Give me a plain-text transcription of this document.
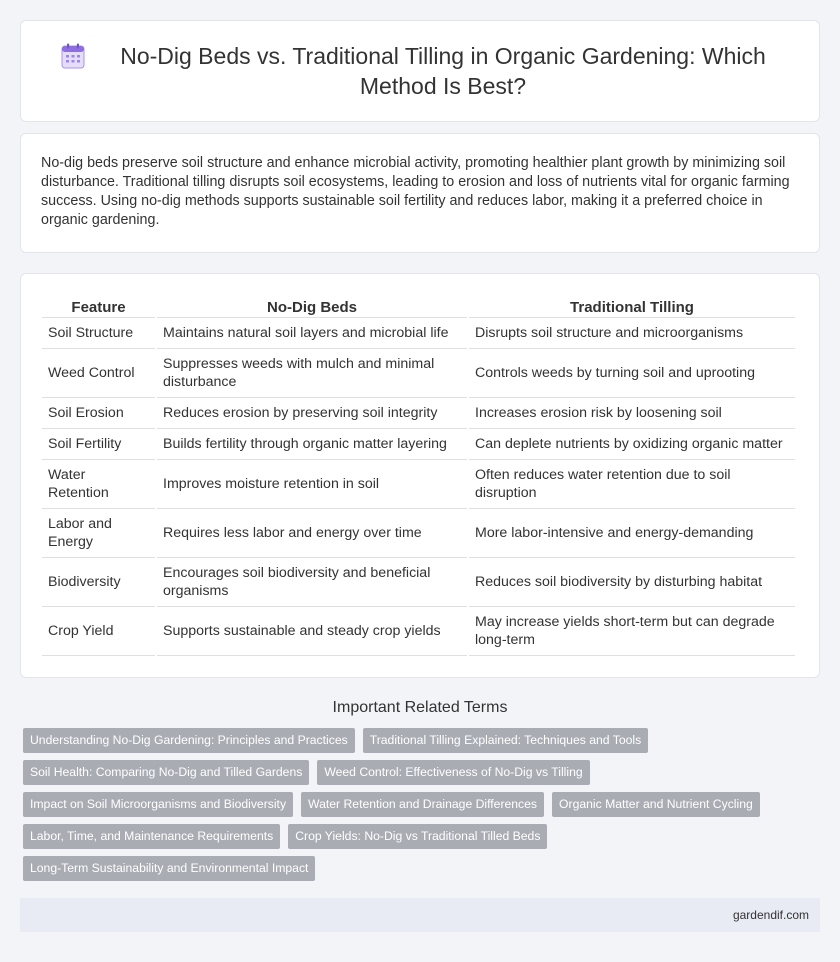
No-Dig Beds vs. Traditional Tilling in Organic Gardening: Which Method Is Best?

No-dig beds preserve soil structure and enhance microbial activity, promoting healthier plant growth by minimizing soil disturbance. Traditional tilling disrupts soil ecosystems, leading to erosion and loss of nutrients vital for organic farming success. Using no-dig methods supports sustainable soil fertility and reduces labor, making it a preferred choice in organic gardening.

Feature	No-Dig Beds	Traditional Tilling
Soil Structure	Maintains natural soil layers and microbial life	Disrupts soil structure and microorganisms
Weed Control	Suppresses weeds with mulch and minimal disturbance	Controls weeds by turning soil and uprooting
Soil Erosion	Reduces erosion by preserving soil integrity	Increases erosion risk by loosening soil
Soil Fertility	Builds fertility through organic matter layering	Can deplete nutrients by oxidizing organic matter
Water Retention	Improves moisture retention in soil	Often reduces water retention due to soil disruption
Labor and Energy	Requires less labor and energy over time	More labor-intensive and energy-demanding
Biodiversity	Encourages soil biodiversity and beneficial organisms	Reduces soil biodiversity by disturbing habitat
Crop Yield	Supports sustainable and steady crop yields	May increase yields short-term but can degrade long-term
Important Related Terms
Understanding No-Dig Gardening: Principles and Practices	Traditional Tilling Explained: Techniques and Tools
Soil Health: Comparing No-Dig and Tilled Gardens	Weed Control: Effectiveness of No-Dig vs Tilling
Impact on Soil Microorganisms and Biodiversity	Water Retention and Drainage Differences	Organic Matter and Nutrient Cycling
Labor, Time, and Maintenance Requirements	Crop Yields: No-Dig vs Traditional Tilled Beds
Long-Term Sustainability and Environmental Impact
gardendif.com
